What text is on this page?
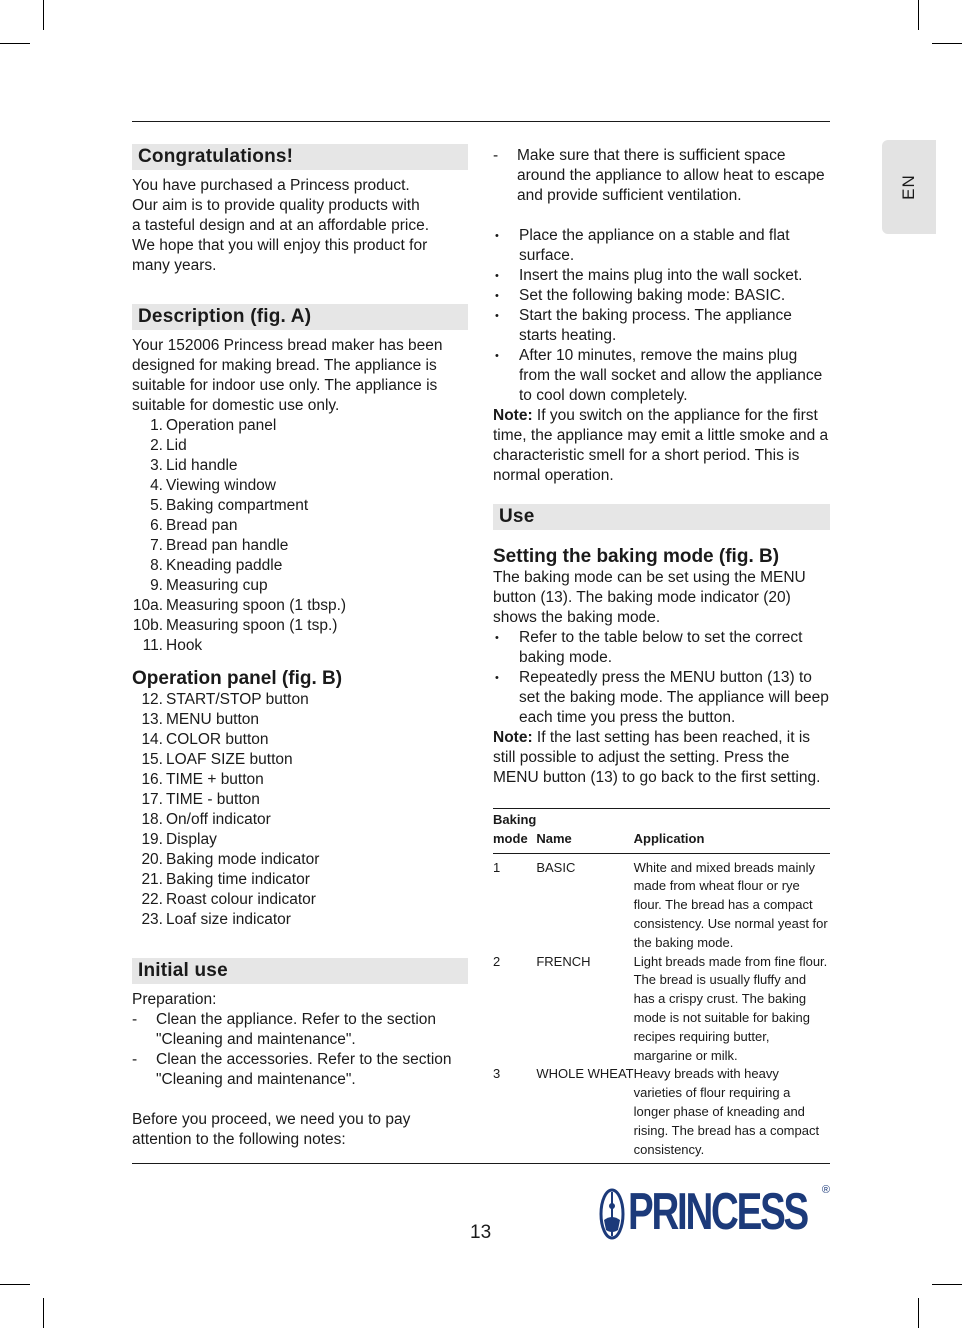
EN
Congratulations!

You have purchased a Princess product.

Our aim is to provide quality products with

a tasteful design and at an affordable price.

We hope that you will enjoy this product for

many years.

Description (fig. A)

Your 152006 Princess bread maker has been designed for making bread. The appliance is suitable for indoor use only. The appliance is suitable for domestic use only.

1. Operation panel
2. Lid
3. Lid handle
4. Viewing window
5. Baking compartment
6. Bread pan
7. Bread pan handle
8. Kneading paddle
9. Measuring cup
10a. Measuring spoon (1 tbsp.)
10b. Measuring spoon (1 tsp.)
11. Hook
Operation panel (fig. B)
12. START/STOP button
13. MENU button
14. COLOR button
15. LOAF SIZE button
16. TIME + button
17. TIME - button
18. On/off indicator
19. Display
20. Baking mode indicator
21. Baking time indicator
22. Roast colour indicator
23. Loaf size indicator
Initial use

Preparation:

-	Clean the appliance. Refer to the section "Cleaning and maintenance".
-	Clean the accessories. Refer to the section "Cleaning and maintenance".

Before you proceed, we need you to pay attention to the following notes:

-	Make sure that there is sufficient space around the appliance to allow heat to escape and provide sufficient ventilation.
•	Place the appliance on a stable and flat surface.
•	Insert the mains plug into the wall socket.
•	Set the following baking mode: BASIC.
•	Start the baking process. The appliance starts heating.
•	After 10 minutes, remove the mains plug from the wall socket and allow the appliance to cool down completely.

Note: If you switch on the appliance for the first time, the appliance may emit a little smoke and a characteristic smell for a short period. This is normal operation.

Use
Setting the baking mode (fig. B)

The baking mode can be set using the MENU button (13). The baking mode indicator (20) shows the baking mode.

•	Refer to the table below to set the correct baking mode.
•	Repeatedly press the MENU button (13) to set the baking mode. The appliance will beep each time you press the button.

Note: If the last setting has been reached, it is still possible to adjust the setting. Press the MENU button (13) to go back to the first setting.

Baking
mode	Name	Application
1	BASIC	White and mixed breads mainly made from wheat flour or rye flour. The bread has a compact consistency. Use normal yeast for the baking mode.
2	FRENCH	Light breads made from fine flour. The bread is usually fluffy and has a crispy crust. The baking mode is not suitable for baking recipes requiring butter, margarine or milk.
3	WHOLE WHEAT	Heavy breads with heavy varieties of flour requiring a longer phase of kneading and rising. The bread has a compact consistency.
13	PRINCESS ®
